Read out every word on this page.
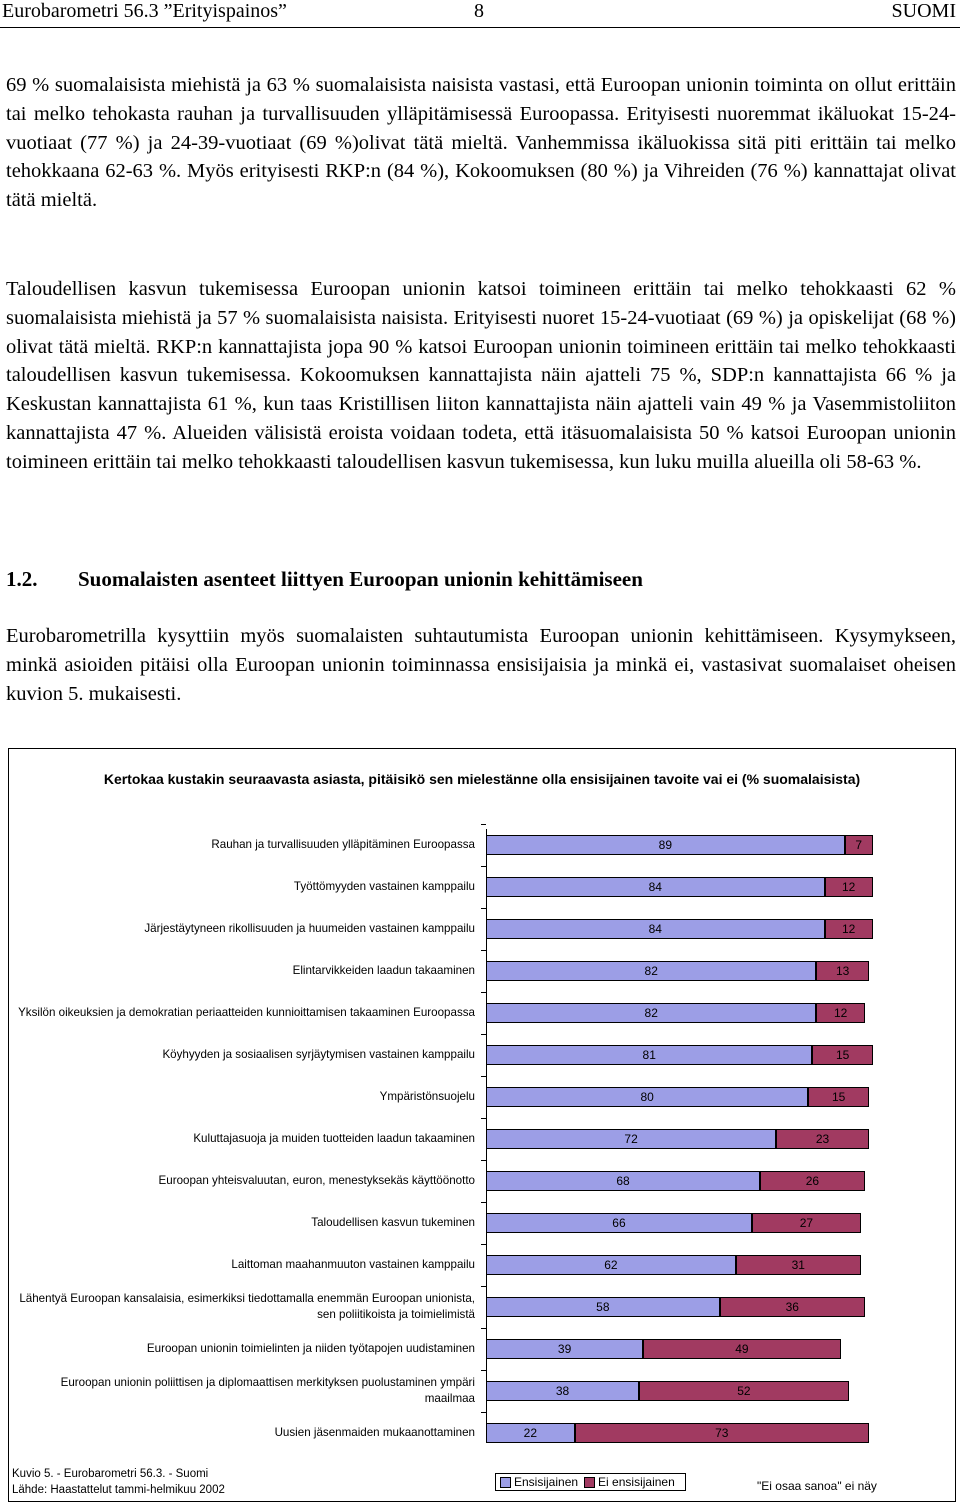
Eurobarometri 56.3 ”Erityispainos”	8	SUOMI

69 % suomalaisista miehistä ja 63 % suomalaisista naisista vastasi, että Euroopan unionin toiminta on ollut erittäin tai melko tehokasta rauhan ja turvallisuuden ylläpitämisessä Euroopassa. Erityisesti nuoremmat ikäluokat 15-24-vuotiaat (77 %) ja 24-39-vuotiaat (69 %)olivat tätä mieltä. Vanhemmissa ikäluokissa sitä piti erittäin tai melko tehokkaana 62-63 %. Myös erityisesti RKP:n (84 %), Kokoomuksen (80 %) ja Vihreiden (76 %) kannattajat olivat tätä mieltä.

Taloudellisen kasvun tukemisessa Euroopan unionin katsoi toimineen erittäin tai melko tehokkaasti 62 % suomalaisista miehistä ja 57 % suomalaisista naisista. Erityisesti nuoret 15-24-vuotiaat (69 %) ja opiskelijat (68 %) olivat tätä mieltä. RKP:n kannattajista jopa 90 % katsoi Euroopan unionin toimineen erittäin tai melko tehokkaasti taloudellisen kasvun tukemisessa. Kokoomuksen kannattajista näin ajatteli 75 %, SDP:n kannattajista 66 % ja Keskustan kannattajista 61 %, kun taas Kristillisen liiton kannattajista näin ajatteli vain 49 % ja Vasemmistoliiton kannattajista 47 %. Alueiden välisistä eroista voidaan todeta, että itäsuomalaisista 50 % katsoi Euroopan unionin toimineen erittäin tai melko tehokkaasti taloudellisen kasvun tukemisessa, kun luku muilla alueilla oli 58-63 %.

1.2. Suomalaisten asenteet liittyen Euroopan unionin kehittämiseen

Eurobarometrilla kysyttiin myös suomalaisten suhtautumista Euroopan unionin kehittämiseen. Kysymykseen, minkä asioiden pitäisi olla Euroopan unionin toiminnassa ensisijaisia ja minkä ei, vastasivat suomalaiset oheisen kuvion 5. mukaisesti.

Kertokaa kustakin seuraavasta asiasta, pitäisikö sen mielestänne olla ensisijainen tavoite vai ei (% suomalaisista)
Rauhan ja turvallisuuden ylläpitäminen Euroopassa
Työttömyyden vastainen kamppailu
Järjestäytyneen rikollisuuden ja huumeiden vastainen kamppailu
Elintarvikkeiden laadun takaaminen
Yksilön oikeuksien ja demokratian periaatteiden kunnioittamisen takaaminen Euroopassa
Köyhyyden ja sosiaalisen syrjäytymisen vastainen kamppailu
Ympäristönsuojelu
Kuluttajasuoja ja muiden tuotteiden laadun takaaminen
Euroopan yhteisvaluutan, euron, menestyksekäs käyttöönotto
Taloudellisen kasvun tukeminen
Laittoman maahanmuuton vastainen kamppailu
Lähentyä Euroopan kansalaisia, esimerkiksi tiedottamalla enemmän Euroopan unionista, sen poliitikoista ja toimielimistä
Euroopan unionin toimielinten ja niiden työtapojen uudistaminen
Euroopan unionin poliittisen ja diplomaattisen merkityksen puolustaminen ympäri maailmaa
Uusien jäsenmaiden mukaanottaminen
89	7
84	12
84	12
82	13
82	12
81	15
80	15
72	23
68	26
66	27
62	31
58	36
39	49
38	52
22	73
Kuvio 5. - Eurobarometri 56.3. - Suomi
Lähde: Haastattelut tammi-helmikuu 2002
Ensisijainen Ei ensisijainen	"Ei osaa sanoa" ei näy
